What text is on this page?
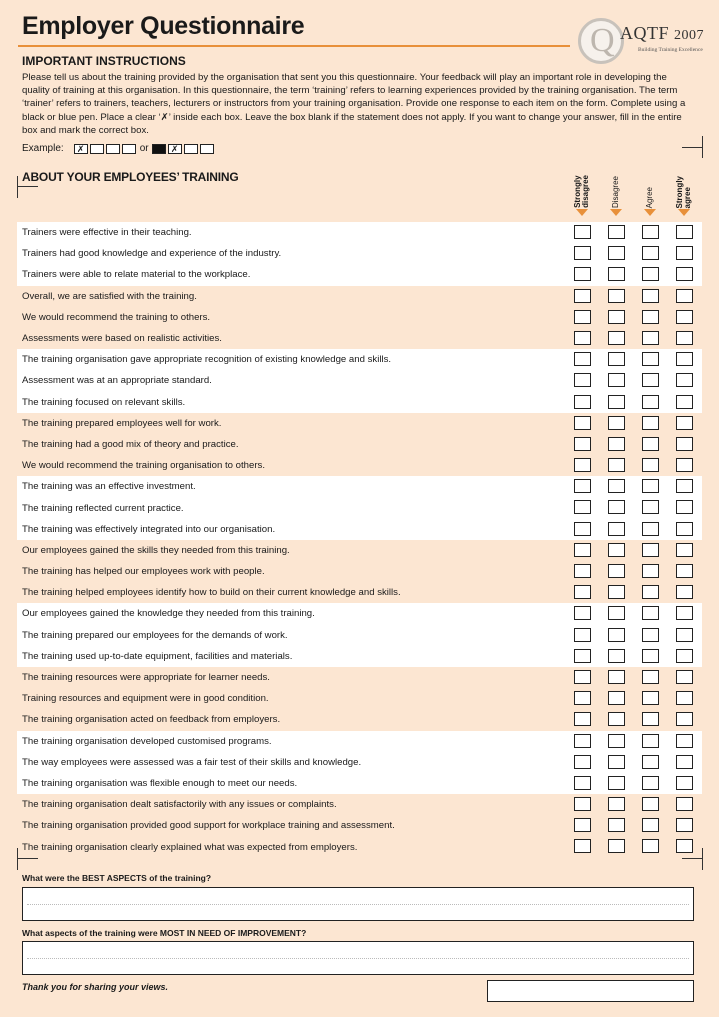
Employer Questionnaire	Q AQTF 2007
Building Training Excellence
IMPORTANT INSTRUCTIONS
Please tell us about the training provided by the organisation that sent you this questionnaire. Your feedback will play an important role in developing the quality of training at this organisation. In this questionnaire, the term ‘training’ refers to learning experiences provided by the training organisation. The term ‘trainer’ refers to trainers, teachers, lecturers or instructors from your training organisation. Provide one response to each item on the form. Complete using a black or blue pen. Place a clear ‘✗’ inside each box. Leave the box blank if the statement does not apply. If you want to change your answer, fill in the entire box and mark the correct box.
Example:	✗	or	✗
ABOUT YOUR EMPLOYEES’ TRAINING	Strongly
disagree	Disagree	Agree	Strongly
agree
Trainers were effective in their teaching.
Trainers had good knowledge and experience of the industry.
Trainers were able to relate material to the workplace.
Overall, we are satisfied with the training.
We would recommend the training to others.
Assessments were based on realistic activities.
The training organisation gave appropriate recognition of existing knowledge and skills.
Assessment was at an appropriate standard.
The training focused on relevant skills.
The training prepared employees well for work.
The training had a good mix of theory and practice.
We would recommend the training organisation to others.
The training was an effective investment.
The training reflected current practice.
The training was effectively integrated into our organisation.
Our employees gained the skills they needed from this training.
The training has helped our employees work with people.
The training helped employees identify how to build on their current knowledge and skills.
Our employees gained the knowledge they needed from this training.
The training prepared our employees for the demands of work.
The training used up-to-date equipment, facilities and materials.
The training resources were appropriate for learner needs.
Training resources and equipment were in good condition.
The training organisation acted on feedback from employers.
The training organisation developed customised programs.
The way employees were assessed was a fair test of their skills and knowledge.
The training organisation was flexible enough to meet our needs.
The training organisation dealt satisfactorily with any issues or complaints.
The training organisation provided good support for workplace training and assessment.
The training organisation clearly explained what was expected from employers.
What were the BEST ASPECTS of the training?
What aspects of the training were MOST IN NEED OF IMPROVEMENT?
Thank you for sharing your views.
